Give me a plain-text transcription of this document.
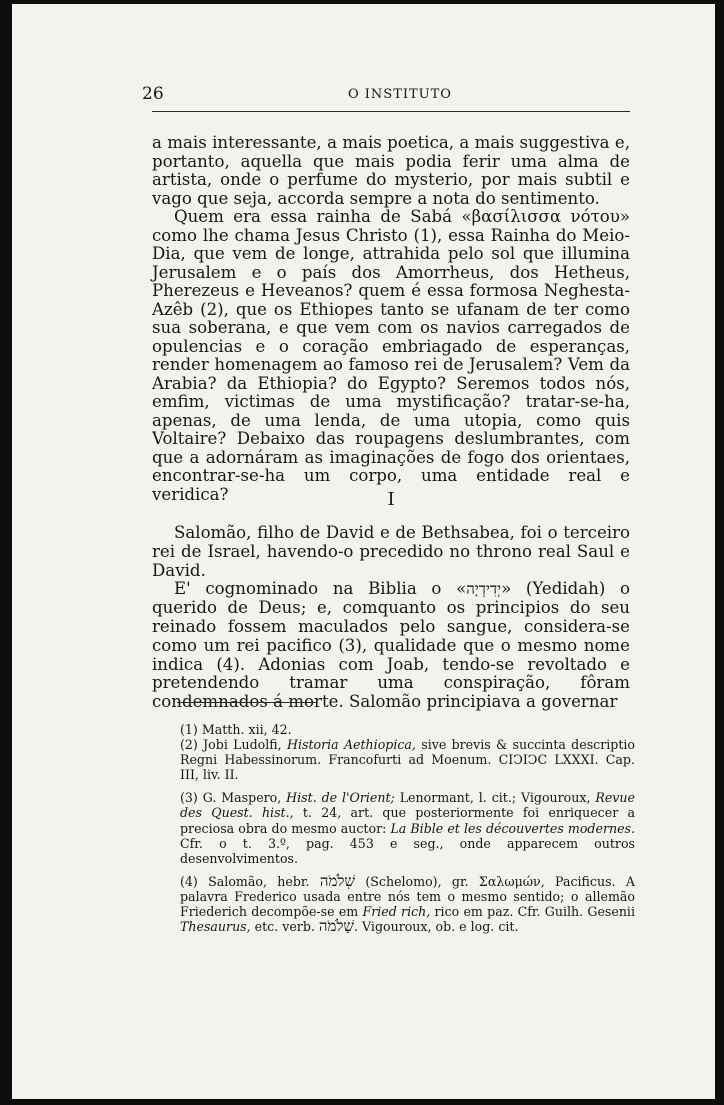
26	O INSTITUTO

a mais interessante, a mais poetica, a mais suggestiva e, portanto, aquella que mais podia ferir uma alma de artista, onde o perfume do mysterio, por mais subtil e vago que seja, accorda sempre a nota do sentimento.

Quem era essa rainha de Sabá «βασίλισσα νότου» como lhe chama Jesus Christo (1), essa Rainha do Meio-Dia, que vem de longe, attrahida pelo sol que illumina Jerusalem e o país dos Amorrheus, dos Hetheus, Pherezeus e Heveanos? quem é essa formosa Neghesta-Azêb (2), que os Ethiopes tanto se ufanam de ter como sua soberana, e que vem com os navios carregados de opulencias e o coração embriagado de esperanças, render homenagem ao famoso rei de Jerusalem? Vem da Arabia? da Ethiopia? do Egypto? Seremos todos nós, emfim, victimas de uma mystificação? tratar-se-ha, apenas, de uma lenda, de uma utopia, como quis Voltaire? Debaixo das roupagens deslumbrantes, com que a adornáram as imaginações de fogo dos orientaes, encontrar-se-ha um corpo, uma entidade real e veridica?	I

Salomão, filho de David e de Bethsabea, foi o terceiro rei de Israel, havendo-o precedido no throno real Saul e David.

E' cognominado na Biblia o «יְדִידְיָה» (Yedidah) o querido de Deus; e, comquanto os principios do seu reinado fossem maculados pelo sangue, considera-se como um rei pacifico (3), qualidade que o mesmo nome indica (4). Adonias com Joab, tendo-se revoltado e pretendendo tramar uma conspiração, fôram condemnados á morte. Salomão principiava a governar

(1) Matth. xii, 42.

(2) Jobi Ludolfi, Historia Aethiopica, sive brevis & succinta descriptio Regni Habessinorum. Francofurti ad Moenum. CIↃIↃC LXXXI. Cap. III, liv. II.

(3) G. Maspero, Hist. de l'Orient; Lenormant, l. cit.; Vigouroux, Revue des Quest. hist., t. 24, art. que posteriormente foi enriquecer a preciosa obra do mesmo auctor: La Bible et les découvertes modernes. Cfr. o t. 3.º, pag. 453 e seg., onde apparecem outros desenvolvimentos.

(4) Salomão, hebr. שְׁלֹמֹה (Schelomo), gr. Σαλωμών, Pacificus. A palavra Frederico usada entre nós tem o mesmo sentido; o allemão Friederich decompõe-se em Fried rich, rico em paz. Cfr. Guilh. Gesenii Thesaurus, etc. verb. שָׁלֹמֹה. Vigouroux, ob. e log. cit.
